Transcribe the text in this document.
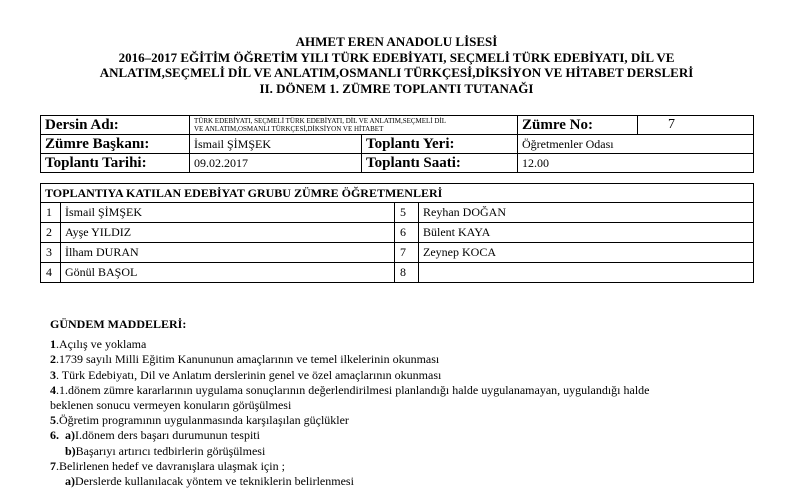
AHMET EREN ANADOLU LİSESİ
2016–2017 EĞİTİM ÖĞRETİM YILI TÜRK EDEBİYATI, SEÇMELİ TÜRK EDEBİYATI, DİL VE
ANLATIM,SEÇMELİ DİL VE ANLATIM,OSMANLI TÜRKÇESİ,DİKSİYON VE HİTABET DERSLERİ
II. DÖNEM 1. ZÜMRE TOPLANTI TUTANAĞI
Dersin Adı:	TÜRK EDEBİYATI, SEÇMELİ TÜRK EDEBİYATI, DİL VE ANLATIM,SEÇMELİ DİL
VE ANLATIM,OSMANLI TÜRKÇESİ,DİKSİYON VE HİTABET		Zümre No:	7
Zümre Başkanı:	İsmail ŞİMŞEK	Toplantı Yeri:	Öğretmenler Odası	
Toplantı Tarihi:	09.02.2017	Toplantı Saati:	12.00	
TOPLANTIYA KATILAN EDEBİYAT GRUBU ZÜMRE ÖĞRETMENLERİ			
1	İsmail ŞİMŞEK	5	Reyhan DOĞAN
2	Ayşe YILDIZ	6	Bülent KAYA
3	İlham DURAN	7	Zeynep KOCA
4	Gönül BAŞOL	8	
GÜNDEM MADDELERİ:
1.Açılış ve yoklama
2.1739 sayılı Milli Eğitim Kanununun amaçlarının ve temel ilkelerinin okunması
3. Türk Edebiyatı, Dil ve Anlatım derslerinin genel ve özel amaçlarının okunması
4.1.dönem zümre kararlarının uygulama sonuçlarının değerlendirilmesi planlandığı halde uygulanamayan, uygulandığı halde
beklenen sonucu vermeyen konuların görüşülmesi
5.Öğretim programının uygulanmasında karşılaşılan güçlükler
6.  a)I.dönem ders başarı durumunun tespiti
b)Başarıyı artırıcı tedbirlerin görüşülmesi
7.Belirlenen hedef ve davranışlara ulaşmak için ;
a)Derslerde kullanılacak yöntem ve tekniklerin belirlenmesi
